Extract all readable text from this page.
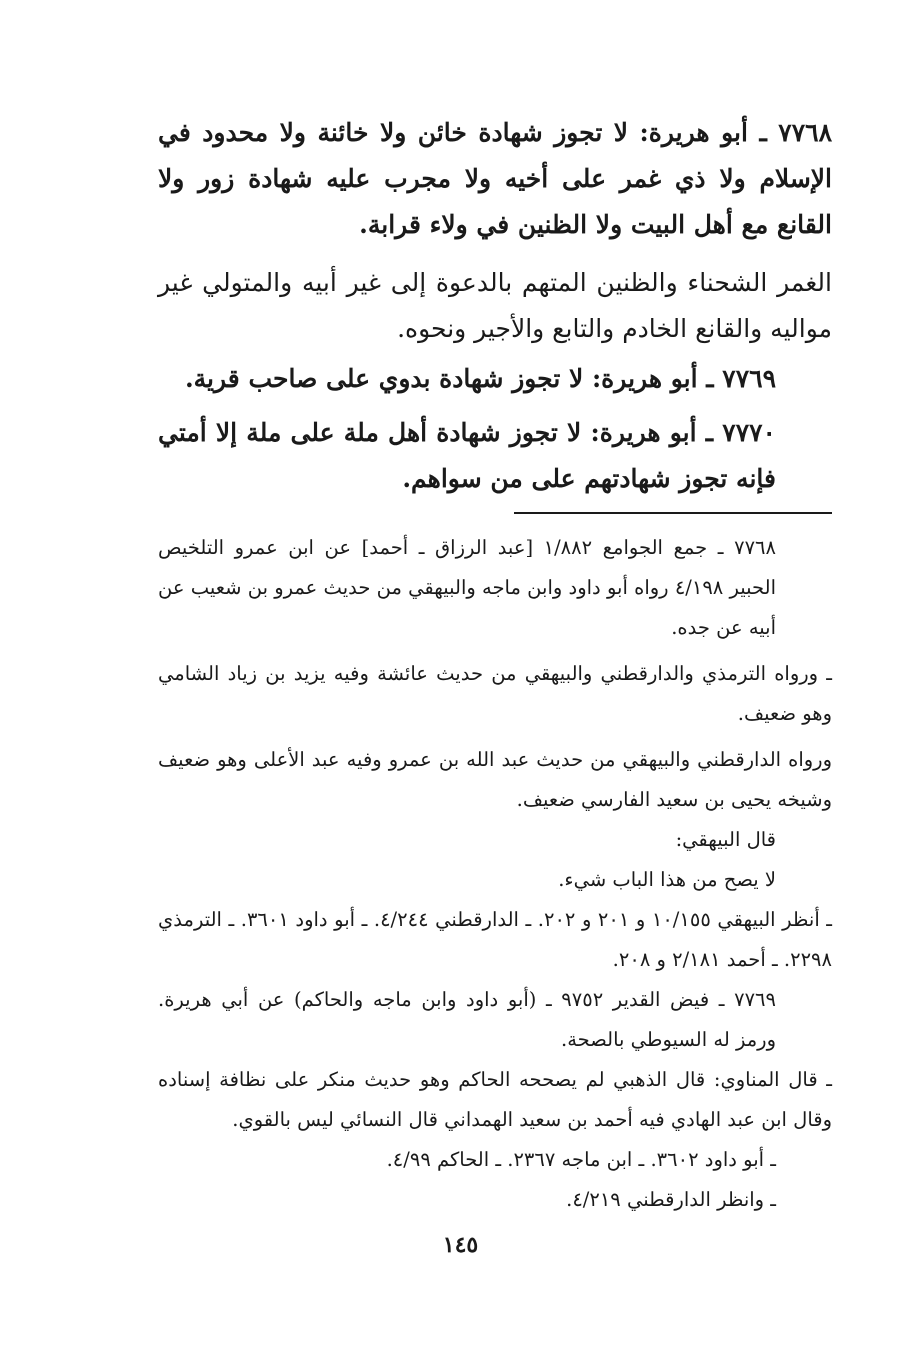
٧٧٦٨ ـ أبو هريرة: لا تجوز شهادة خائن ولا خائنة ولا محدود في الإسلام ولا ذي غمر على أخيه ولا مجرب عليه شهادة زور ولا القانع مع أهل البيت ولا الظنين في ولاء قرابة.

الغمر الشحناء والظنين المتهم بالدعوة إلى غير أبيه والمتولي غير مواليه والقانع الخادم والتابع والأجير ونحوه.

٧٧٦٩ ـ أبو هريرة: لا تجوز شهادة بدوي على صاحب قرية.

٧٧٧٠ ـ أبو هريرة: لا تجوز شهادة أهل ملة على ملة إلا أمتي فإنه تجوز شهادتهم على من سواهم.

٧٧٦٨ ـ جمع الجوامع ١/٨٨٢ [عبد الرزاق ـ أحمد] عن ابن عمرو التلخيص الحبير ٤/١٩٨ رواه أبو داود وابن ماجه والبيهقي من حديث عمرو بن شعيب عن أبيه عن جده.

ـ ورواه الترمذي والدارقطني والبيهقي من حديث عائشة وفيه يزيد بن زياد الشامي وهو ضعيف.

ورواه الدارقطني والبيهقي من حديث عبد الله بن عمرو وفيه عبد الأعلى وهو ضعيف وشيخه يحيى بن سعيد الفارسي ضعيف.

قال البيهقي:

لا يصح من هذا الباب شيء.

ـ أنظر البيهقي ١٠/١٥٥ و ٢٠١ و ٢٠٢. ـ الدارقطني ٤/٢٤٤. ـ أبو داود ٣٦٠١. ـ الترمذي ٢٢٩٨. ـ أحمد ٢/١٨١ و ٢٠٨.

٧٧٦٩ ـ فيض القدير ٩٧٥٢ ـ (أبو داود وابن ماجه والحاكم) عن أبي هريرة. ورمز له السيوطي بالصحة.

ـ قال المناوي: قال الذهبي لم يصححه الحاكم وهو حديث منكر على نظافة إسناده وقال ابن عبد الهادي فيه أحمد بن سعيد الهمداني قال النسائي ليس بالقوي.

ـ أبو داود ٣٦٠٢. ـ ابن ماجه ٢٣٦٧. ـ الحاكم ٤/٩٩.

ـ وانظر الدارقطني ٤/٢١٩.

١٤٥
